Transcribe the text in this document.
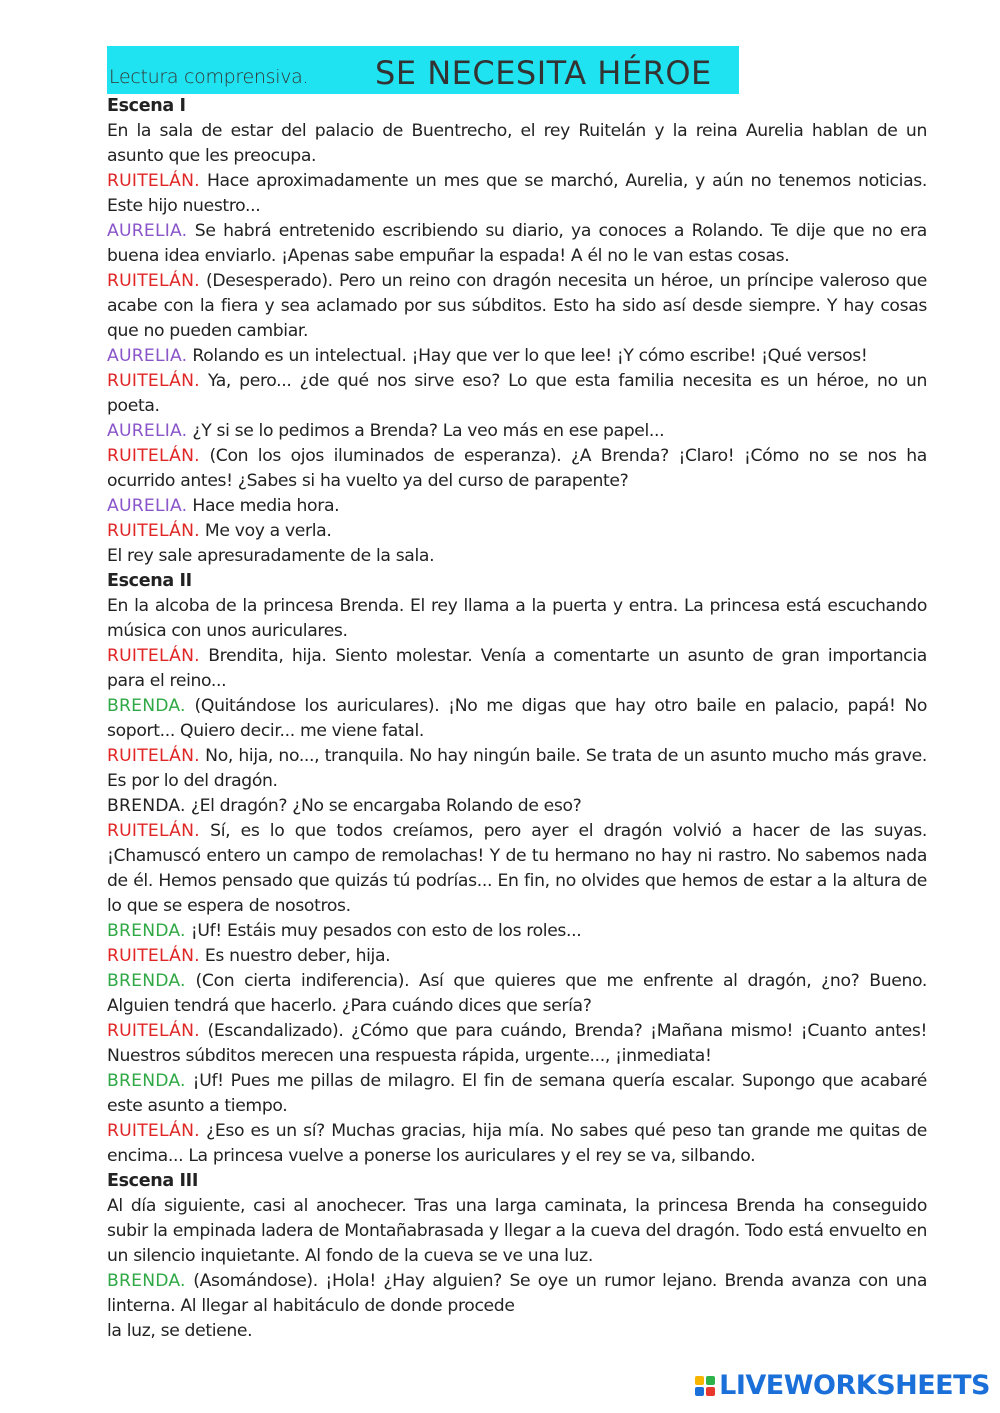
Lectura comprensiva. SE NECESITA HÉROE

Escena I

En la sala de estar del palacio de Buentrecho, el rey Ruitelán y la reina Aurelia hablan de un asunto que les preocupa.

RUITELÁN. Hace aproximadamente un mes que se marchó, Aurelia, y aún no tenemos noticias. Este hijo nuestro...

AURELIA. Se habrá entretenido escribiendo su diario, ya conoces a Rolando. Te dije que no era buena idea enviarlo. ¡Apenas sabe empuñar la espada! A él no le van estas cosas.

RUITELÁN. (Desesperado). Pero un reino con dragón necesita un héroe, un príncipe valeroso que acabe con la fiera y sea aclamado por sus súbditos. Esto ha sido así desde siempre. Y hay cosas que no pueden cambiar.

AURELIA. Rolando es un intelectual. ¡Hay que ver lo que lee! ¡Y cómo escribe! ¡Qué versos!

RUITELÁN. Ya, pero... ¿de qué nos sirve eso? Lo que esta familia necesita es un héroe, no un poeta.

AURELIA. ¿Y si se lo pedimos a Brenda? La veo más en ese papel...

RUITELÁN. (Con los ojos iluminados de esperanza). ¿A Brenda? ¡Claro! ¡Cómo no se nos ha ocurrido antes! ¿Sabes si ha vuelto ya del curso de parapente?

AURELIA. Hace media hora.

RUITELÁN. Me voy a verla.

El rey sale apresuradamente de la sala.

Escena II

En la alcoba de la princesa Brenda. El rey llama a la puerta y entra. La princesa está escuchando música con unos auriculares.

RUITELÁN. Brendita, hija. Siento molestar. Venía a comentarte un asunto de gran importancia para el reino...

BRENDA. (Quitándose los auriculares). ¡No me digas que hay otro baile en palacio, papá! No soport... Quiero decir... me viene fatal.

RUITELÁN. No, hija, no..., tranquila. No hay ningún baile. Se trata de un asunto mucho más grave. Es por lo del dragón.

BRENDA. ¿El dragón? ¿No se encargaba Rolando de eso?

RUITELÁN. Sí, es lo que todos creíamos, pero ayer el dragón volvió a hacer de las suyas. ¡Chamuscó entero un campo de remolachas! Y de tu hermano no hay ni rastro. No sabemos nada de él. Hemos pensado que quizás tú podrías... En fin, no olvides que hemos de estar a la altura de lo que se espera de nosotros.

BRENDA. ¡Uf! Estáis muy pesados con esto de los roles...

RUITELÁN. Es nuestro deber, hija.

BRENDA. (Con cierta indiferencia). Así que quieres que me enfrente al dragón, ¿no? Bueno. Alguien tendrá que hacerlo. ¿Para cuándo dices que sería?

RUITELÁN. (Escandalizado). ¿Cómo que para cuándo, Brenda? ¡Mañana mismo! ¡Cuanto antes! Nuestros súbditos merecen una respuesta rápida, urgente..., ¡inmediata!

BRENDA. ¡Uf! Pues me pillas de milagro. El fin de semana quería escalar. Supongo que acabaré este asunto a tiempo.

RUITELÁN. ¿Eso es un sí? Muchas gracias, hija mía. No sabes qué peso tan grande me quitas de encima... La princesa vuelve a ponerse los auriculares y el rey se va, silbando.

Escena III

Al día siguiente, casi al anochecer. Tras una larga caminata, la princesa Brenda ha conseguido subir la empinada ladera de Montañabrasada y llegar a la cueva del dragón. Todo está envuelto en un silencio inquietante. Al fondo de la cueva se ve una luz.

BRENDA. (Asomándose). ¡Hola! ¿Hay alguien? Se oye un rumor lejano. Brenda avanza con una linterna. Al llegar al habitáculo de donde procede

la luz, se detiene.

LIVEWORKSHEETS
